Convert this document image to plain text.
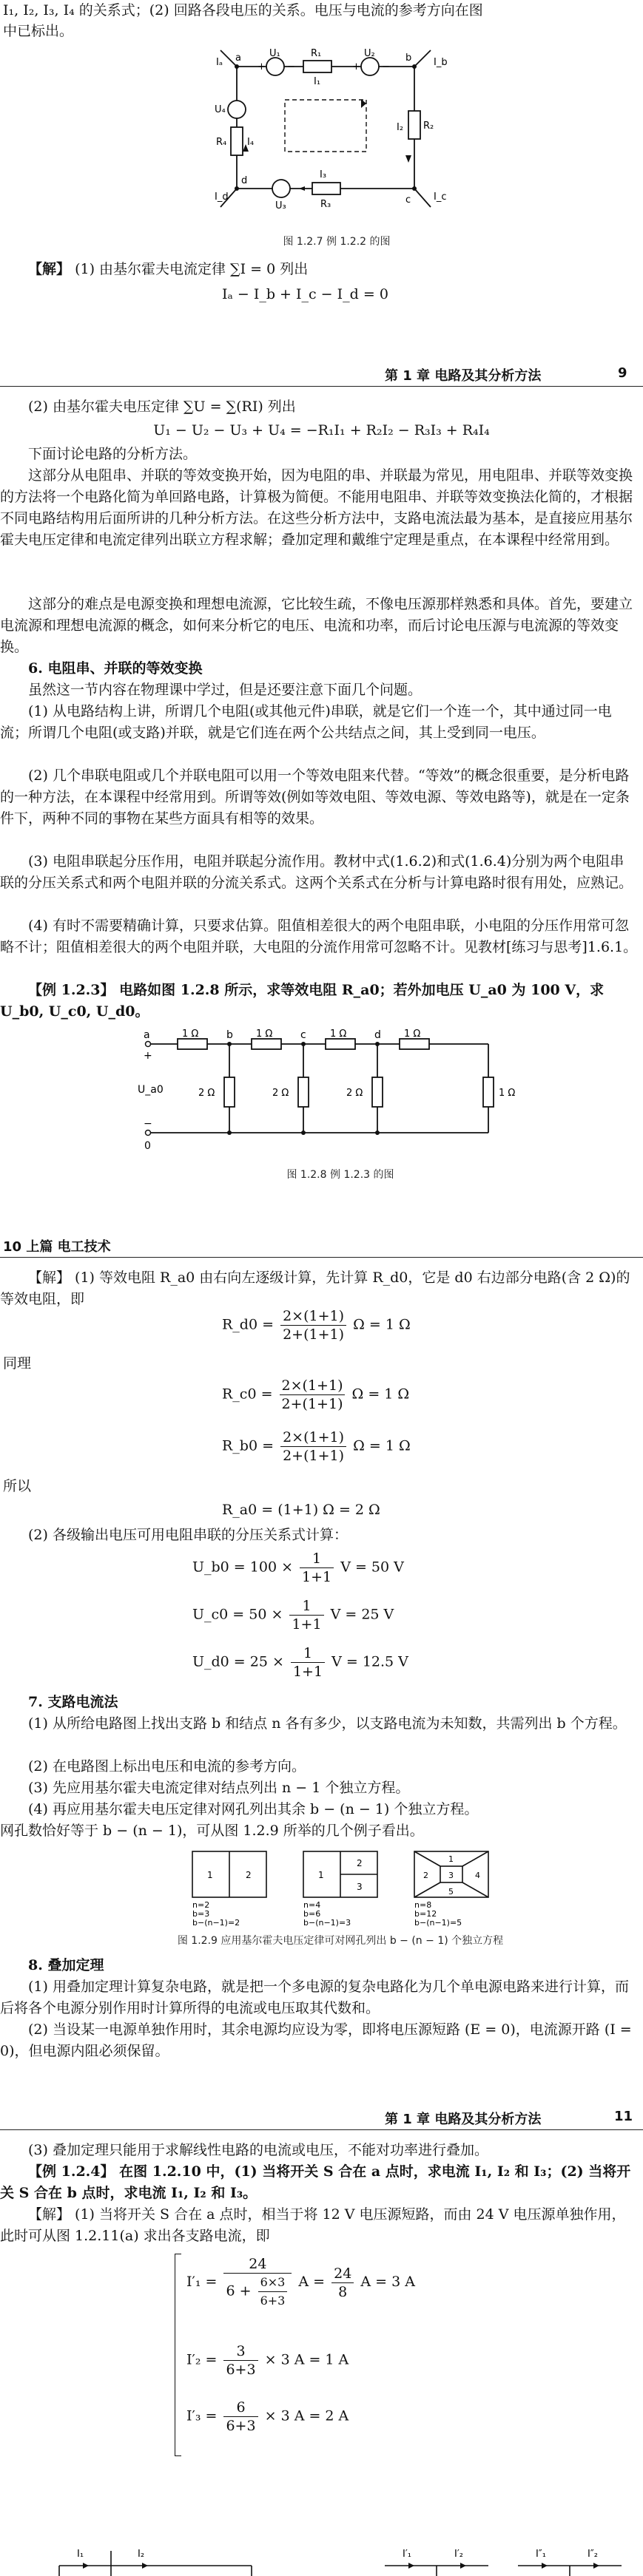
I₁, I₂, I₃, I₄ 的关系式；(2) 回路各段电压的关系。电压与电流的参考方向在图
中已标出。
a	b
c
d
U₁	U₂
U₃
U₄
R₁
R₂
R₃
R₄
I₁
I₂
I₃
I₄
Iₐ	I_b
I_c
I_d
+ −	+ −
图 1.2.7 例 1.2.2 的图
【解】 (1) 由基尔霍夫电流定律 ∑I = 0 列出
Iₐ − I_b + I_c − I_d = 0
第 1 章 电路及其分析方法	9
(2) 由基尔霍夫电压定律 ∑U = ∑(RI) 列出
U₁ − U₂ − U₃ + U₄ = −R₁I₁ + R₂I₂ − R₃I₃ + R₄I₄
下面讨论电路的分析方法。
这部分从电阻串、并联的等效变换开始，因为电阻的串、并联最为常见，用电阻串、并联等效变换的方法将一个电路化简为单回路电路，计算极为简便。不能用电阻串、并联等效变换法化简的，才根据不同电路结构用后面所讲的几种分析方法。在这些分析方法中，支路电流法最为基本，是直接应用基尔霍夫电压定律和电流定律列出联立方程求解；叠加定理和戴维宁定理是重点，在本课程中经常用到。
这部分的难点是电源变换和理想电流源，它比较生疏，不像电压源那样熟悉和具体。首先，要建立电流源和理想电流源的概念，如何来分析它的电压、电流和功率，而后讨论电压源与电流源的等效变换。
6. 电阻串、并联的等效变换
虽然这一节内容在物理课中学过，但是还要注意下面几个问题。
(1) 从电路结构上讲，所谓几个电阻(或其他元件)串联，就是它们一个连一个，其中通过同一电流；所谓几个电阻(或支路)并联，就是它们连在两个公共结点之间，其上受到同一电压。
(2) 几个串联电阻或几个并联电阻可以用一个等效电阻来代替。“等效”的概念很重要，是分析电路的一种方法，在本课程中经常用到。所谓等效(例如等效电阻、等效电源、等效电路等)，就是在一定条件下，两种不同的事物在某些方面具有相等的效果。
(3) 电阻串联起分压作用，电阻并联起分流作用。教材中式(1.6.2)和式(1.6.4)分别为两个电阻串联的分压关系式和两个电阻并联的分流关系式。这两个关系式在分析与计算电路时很有用处，应熟记。
(4) 有时不需要精确计算，只要求估算。阻值相差很大的两个电阻串联，小电阻的分压作用常可忽略不计；阻值相差很大的两个电阻并联，大电阻的分流作用常可忽略不计。见教材[练习与思考]1.6.1。
【例 1.2.3】 电路如图 1.2.8 所示，求等效电阻 R_a0；若外加电压 U_a0 为 100 V，求 U_b0, U_c0, U_d0。
a	b	c	d
0
+
−
U_a0
1 Ω	1 Ω	1 Ω	1 Ω
2 Ω	2 Ω	2 Ω	1 Ω
图 1.2.8 例 1.2.3 的图
10 上篇 电工技术
【解】 (1) 等效电阻 R_a0 由右向左逐级计算，先计算 R_d0，它是 d0 右边部分电路(含 2 Ω)的等效电阻，即
R_d0 = $\frac{2\times(1+1)}{2+(1+1)}$ Ω = 1 Ω
同理
R_c0 = $\frac{2\times(1+1)}{2+(1+1)}$ Ω = 1 Ω
R_b0 = $\frac{2\times(1+1)}{2+(1+1)}$ Ω = 1 Ω
所以
R_a0 = (1+1) Ω = 2 Ω
(2) 各级输出电压可用电阻串联的分压关系式计算：
U_b0 = $100 \times \frac{1}{1+1}$ V = 50 V
U_c0 = $50 \times \frac{1}{1+1}$ V = 25 V
U_d0 = $25 \times \frac{1}{1+1}$ V = 12.5 V
7. 支路电流法
(1) 从所给电路图上找出支路 b 和结点 n 各有多少，以支路电流为未知数，共需列出 b 个方程。
(2) 在电路图上标出电压和电流的参考方向。
(3) 先应用基尔霍夫电流定律对结点列出 n − 1 个独立方程。
(4) 再应用基尔霍夫电压定律对网孔列出其余 b − (n − 1) 个独立方程。
网孔数恰好等于 b − (n − 1)，可从图 1.2.9 所举的几个例子看出。
1	2	1
2
3
1
2 3	4
5
n=2
b=3
b−(n−1)=2
n=4
b=6
b−(n−1)=3
n=8
b=12
b−(n−1)=5
图 1.2.9 应用基尔霍夫电压定律可对网孔列出 b − (n − 1) 个独立方程
8. 叠加定理
(1) 用叠加定理计算复杂电路，就是把一个多电源的复杂电路化为几个单电源电路来进行计算，而后将各个电源分别作用时计算所得的电流或电压取其代数和。
(2) 当设某一电源单独作用时，其余电源均应设为零，即将电压源短路 (E = 0)，电流源开路 (I = 0)，但电源内阻必须保留。
第 1 章 电路及其分析方法	11
(3) 叠加定理只能用于求解线性电路的电流或电压，不能对功率进行叠加。
【例 1.2.4】 在图 1.2.10 中，(1) 当将开关 S 合在 a 点时，求电流 I₁, I₂ 和 I₃；(2) 当将开关 S 合在 b 点时，求电流 I₁, I₂ 和 I₃。
【解】 (1) 当将开关 S 合在 a 点时，相当于将 12 V 电压源短路，而由 24 V 电压源单独作用，此时可从图 1.2.11(a) 求出各支路电流，即
$I'_1 = \frac{24}{6 + \frac{6\times 3}{6+3}}$ $A = \frac{24}{8}$ A = 3 A
$I'_2 = \frac{3}{6+3} \times 3$ A = 1 A
$I'_3 = \frac{6}{6+3} \times 3$ A = 2 A
I₁	I₂	I′₁	I′₂	I″₁	I″₂
